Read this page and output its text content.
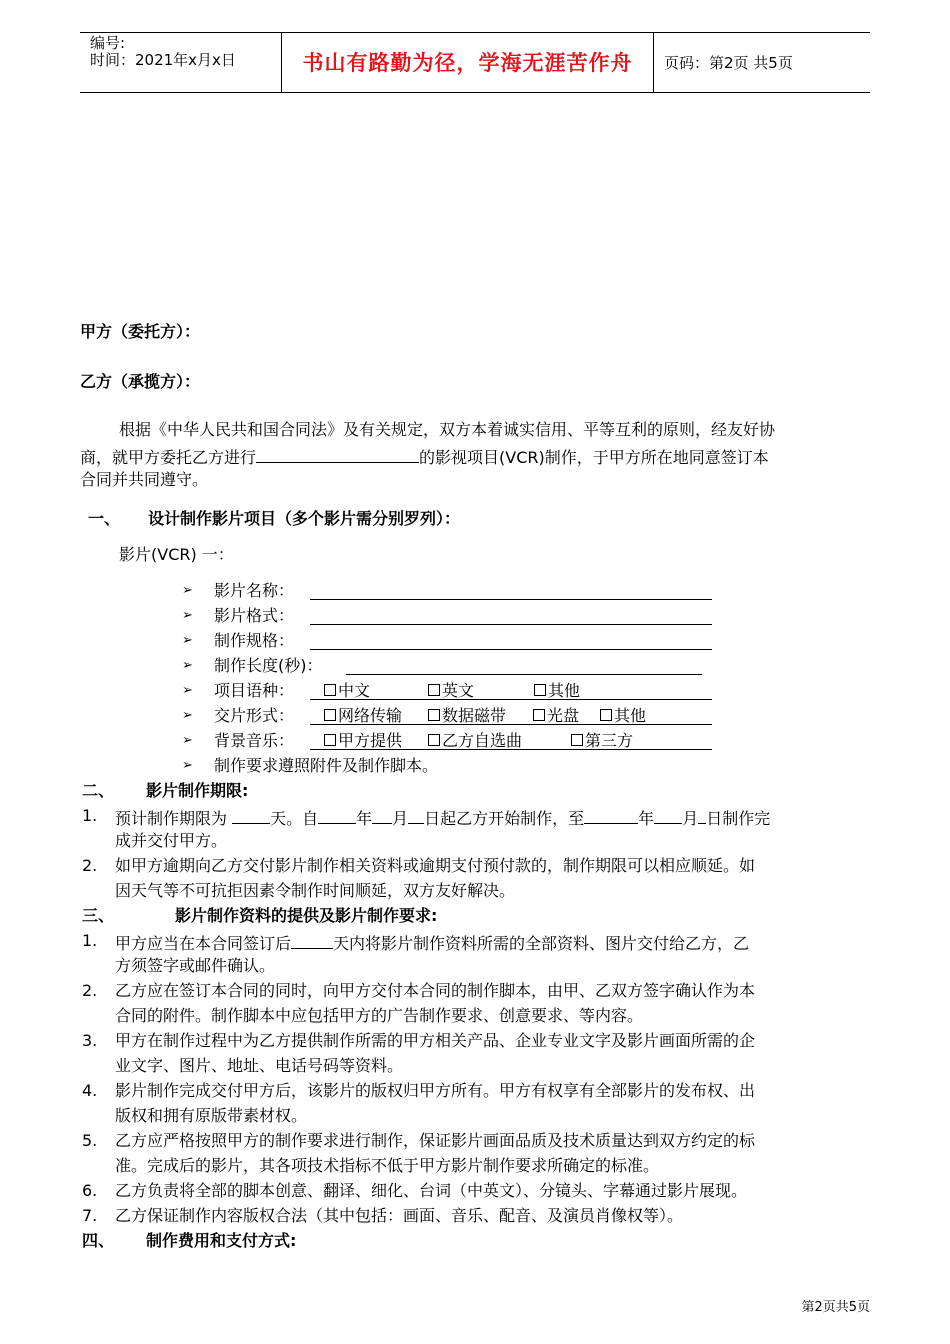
编号:
时间：2021年x月x日	书山有路勤为径，学海无涯苦作舟	页码：第2页 共5页
甲方（委托方）：
乙方（承揽方）：
根据《中华人民共和国合同法》及有关规定，双方本着诚实信用、平等互利的原则，经友好协
商，就甲方委托乙方进行	的影视项目(VCR)制作，于甲方所在地同意签订本
合同并共同遵守。
一、 设计制作影片项目（多个影片需分别罗列）：
影片(VCR) 一：
➢ 影片名称：
➢ 影片格式：
➢ 制作规格：
➢ 制作长度(秒)：
➢ 项目语种：	中文	英文	其他
➢ 交片形式：	网络传输	数据磁带	光盘	其他
➢ 背景音乐：	甲方提供	乙方自选曲	第三方
➢ 制作要求遵照附件及制作脚本。
二、 影片制作期限:
1. 预计制作期限为	天。自 年 月 日起乙方开始制作，至	年 月 日制作完
成并交付甲方。
2. 如甲方逾期向乙方交付影片制作相关资料或逾期支付预付款的，制作期限可以相应顺延。如
因天气等不可抗拒因素令制作时间顺延，双方友好解决。
三、	影片制作资料的提供及影片制作要求:
1. 甲方应当在本合同签订后	天内将影片制作资料所需的全部资料、图片交付给乙方，乙
方须签字或邮件确认。
2. 乙方应在签订本合同的同时，向甲方交付本合同的制作脚本，由甲、乙双方签字确认作为本
合同的附件。制作脚本中应包括甲方的广告制作要求、创意要求、等内容。
3. 甲方在制作过程中为乙方提供制作所需的甲方相关产品、企业专业文字及影片画面所需的企
业文字、图片、地址、电话号码等资料。
4. 影片制作完成交付甲方后，该影片的版权归甲方所有。甲方有权享有全部影片的发布权、出
版权和拥有原版带素材权。
5. 乙方应严格按照甲方的制作要求进行制作，保证影片画面品质及技术质量达到双方约定的标
准。完成后的影片，其各项技术指标不低于甲方影片制作要求所确定的标准。
6. 乙方负责将全部的脚本创意、翻译、细化、台词（中英文）、分镜头、字幕通过影片展现。
7. 乙方保证制作内容版权合法（其中包括：画面、音乐、配音、及演员肖像权等）。
四、 制作费用和支付方式:
第2页共5页
